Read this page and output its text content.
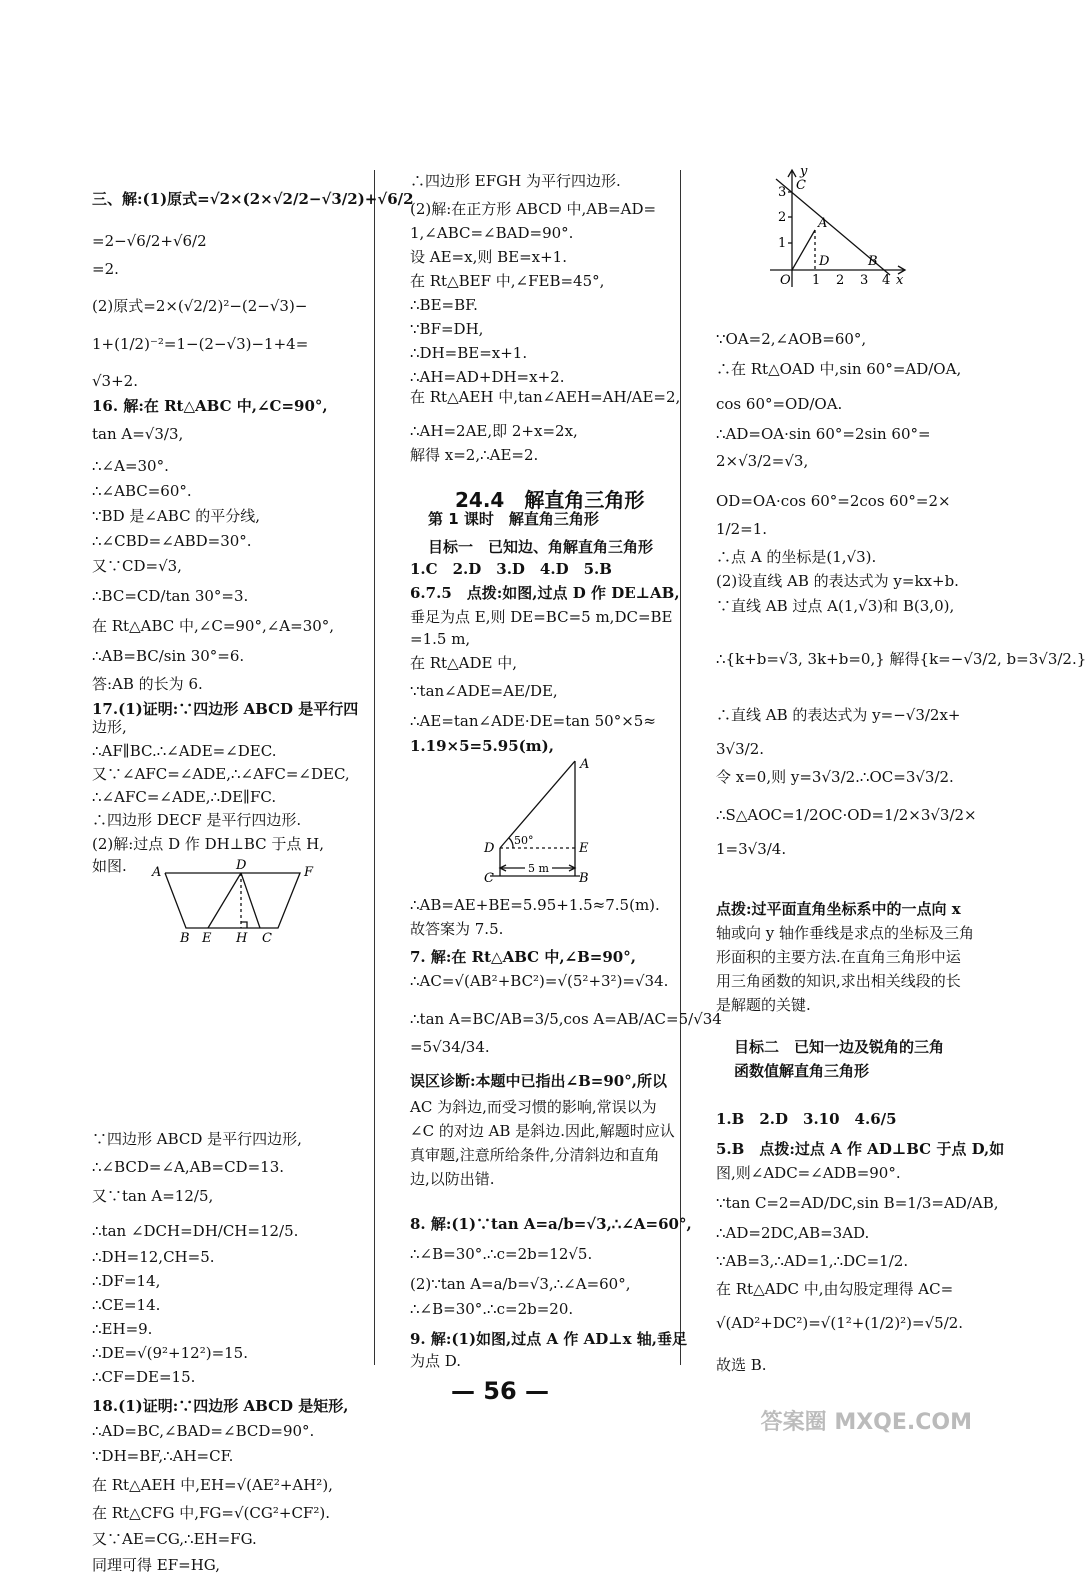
三、解:(1)原式=√2×(2×√2/2−√3/2)+√6/2
=2−√6/2+√6/2
=2.
(2)原式=2×(√2/2)²−(2−√3)−
1+(1/2)⁻²=1−(2−√3)−1+4=
√3+2.
16. 解:在 Rt△ABC 中,∠C=90°,
tan A=√3/3,
∴∠A=30°.
∴∠ABC=60°.
∵BD 是∠ABC 的平分线,
∴∠CBD=∠ABD=30°.
又∵CD=√3,
∴BC=CD/tan 30°=3.
在 Rt△ABC 中,∠C=90°,∠A=30°,
∴AB=BC/sin 30°=6.
答:AB 的长为 6.
17.(1)证明:∵四边形 ABCD 是平行四
边形,
∴AF∥BC.∴∠ADE=∠DEC.
又∵∠AFC=∠ADE,∴∠AFC=∠DEC,
∴∠AFC=∠ADE,∴DE∥FC.
∴四边形 DECF 是平行四边形.
(2)解:过点 D 作 DH⊥BC 于点 H,
如图.
∵四边形 ABCD 是平行四边形,
∴∠BCD=∠A,AB=CD=13.
又∵tan A=12/5,
∴tan ∠DCH=DH/CH=12/5.
∴DH=12,CH=5.
∴DF=14,
∴CE=14.
∴EH=9.
∴DE=√(9²+12²)=15.
∴CF=DE=15.
18.(1)证明:∵四边形 ABCD 是矩形,
∴AD=BC,∠BAD=∠BCD=90°.
∵DH=BF,∴AH=CF.
在 Rt△AEH 中,EH=√(AE²+AH²),
在 Rt△CFG 中,FG=√(CG²+CF²).
又∵AE=CG,∴EH=FG.
同理可得 EF=HG,
∴四边形 EFGH 为平行四边形.
(2)解:在正方形 ABCD 中,AB=AD=
1,∠ABC=∠BAD=90°.
设 AE=x,则 BE=x+1.
在 Rt△BEF 中,∠FEB=45°,
∴BE=BF.
∵BF=DH,
∴DH=BE=x+1.
∴AH=AD+DH=x+2.
在 Rt△AEH 中,tan∠AEH=AH/AE=2,
∴AH=2AE,即 2+x=2x,
解得 x=2,∴AE=2.
第 1 课时　解直角三角形
目标一　已知边、角解直角三角形
1.C　2.D　3.D　4.D　5.B
6.7.5　点拨:如图,过点 D 作 DE⊥AB,
垂足为点 E,则 DE=BC=5 m,DC=BE
=1.5 m,
在 Rt△ADE 中,
∵tan∠ADE=AE/DE,
∴AE=tan∠ADE·DE=tan 50°×5≈
1.19×5=5.95(m),
∴AB=AE+BE=5.95+1.5≈7.5(m).
故答案为 7.5.
7. 解:在 Rt△ABC 中,∠B=90°,
∴AC=√(AB²+BC²)=√(5²+3²)=√34.
∴tan A=BC/AB=3/5,cos A=AB/AC=5/√34
=5√34/34.
误区诊断:本题中已指出∠B=90°,所以
AC 为斜边,而受习惯的影响,常误以为
∠C 的对边 AB 是斜边.因此,解题时应认
真审题,注意所给条件,分清斜边和直角
边,以防出错.
8. 解:(1)∵tan A=a/b=√3,∴∠A=60°,
∴∠B=30°.∴c=2b=12√5.
(2)∵tan A=a/b=√3,∴∠A=60°,
∴∠B=30°.∴c=2b=20.
9. 解:(1)如图,过点 A 作 AD⊥x 轴,垂足
为点 D.
∵OA=2,∠AOB=60°,
∴在 Rt△OAD 中,sin 60°=AD/OA,
cos 60°=OD/OA.
∴AD=OA·sin 60°=2sin 60°=
2×√3/2=√3,
OD=OA·cos 60°=2cos 60°=2×
1/2=1.
∴点 A 的坐标是(1,√3).
(2)设直线 AB 的表达式为 y=kx+b.
∵直线 AB 过点 A(1,√3)和 B(3,0),
∴{k+b=√3, 3k+b=0,} 解得{k=−√3/2, b=3√3/2.}
∴直线 AB 的表达式为 y=−√3/2x+
3√3/2.
令 x=0,则 y=3√3/2.∴OC=3√3/2.
∴S△AOC=1/2OC·OD=1/2×3√3/2×
1=3√3/4.
点拨:过平面直角坐标系中的一点向 x
轴或向 y 轴作垂线是求点的坐标及三角
形面积的主要方法.在直角三角形中运
用三角函数的知识,求出相关线段的长
是解题的关键.
目标二　已知一边及锐角的三角
函数值解直角三角形
1.B　2.D　3.10　4.6/5
5.B　点拨:过点 A 作 AD⊥BC 于点 D,如
图,则∠ADC=∠ADB=90°.
∵tan C=2=AD/DC,sin B=1/3=AD/AB,
∴AD=2DC,AB=3AD.
∵AB=3,∴AD=1,∴DC=1/2.
在 Rt△ADC 中,由勾股定理得 AC=
√(AD²+DC²)=√(1²+(1/2)²)=√5/2.
故选 B.
24.4　解直角三角形
A	D	F
B E H C
A
D
50°
E
C
5 m
B
y
C
3
2 A
1
D	B
O 1 2 3 4 x
— 56 —
答案圈 MXQE.COM
